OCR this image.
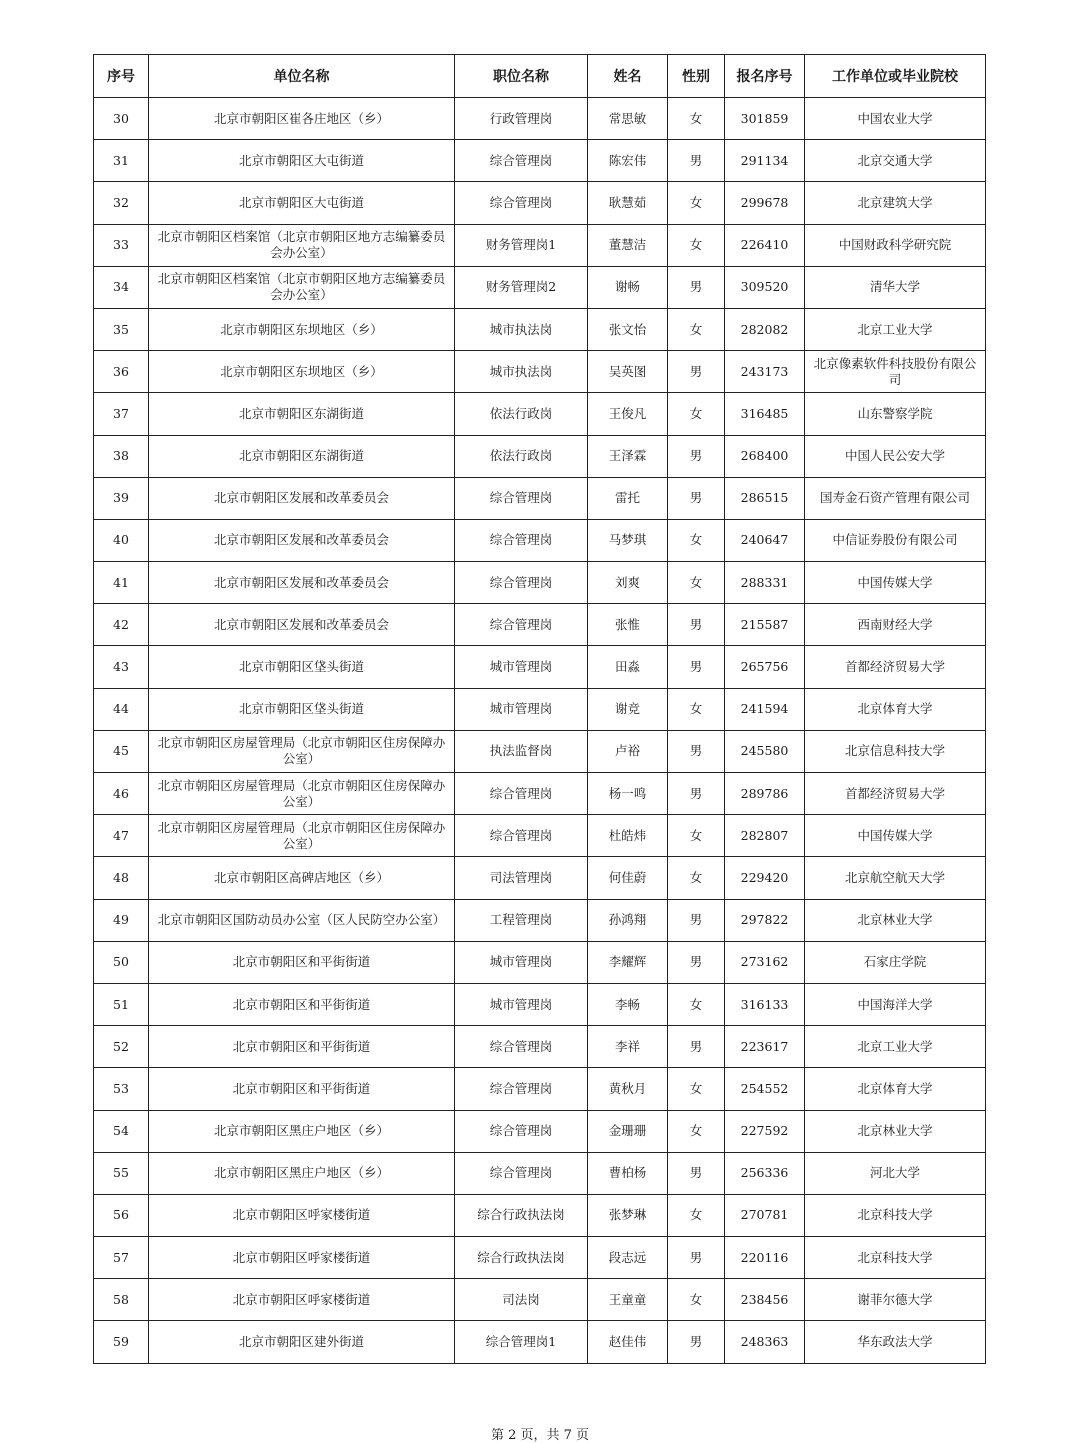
序号	单位名称	职位名称	姓名	性别	报名序号	工作单位或毕业院校
30	北京市朝阳区崔各庄地区（乡）	行政管理岗	常思敏	女	301859	中国农业大学
31	北京市朝阳区大屯街道	综合管理岗	陈宏伟	男	291134	北京交通大学
32	北京市朝阳区大屯街道	综合管理岗	耿慧茹	女	299678	北京建筑大学
33	北京市朝阳区档案馆（北京市朝阳区地方志编纂委员会办公室）	财务管理岗1	董慧洁	女	226410	中国财政科学研究院
34	北京市朝阳区档案馆（北京市朝阳区地方志编纂委员会办公室）	财务管理岗2	谢畅	男	309520	清华大学
35	北京市朝阳区东坝地区（乡）	城市执法岗	张文怡	女	282082	北京工业大学
36	北京市朝阳区东坝地区（乡）	城市执法岗	吴英图	男	243173	北京像素软件科技股份有限公司
37	北京市朝阳区东湖街道	依法行政岗	王俊凡	女	316485	山东警察学院
38	北京市朝阳区东湖街道	依法行政岗	王泽霖	男	268400	中国人民公安大学
39	北京市朝阳区发展和改革委员会	综合管理岗	雷托	男	286515	国寿金石资产管理有限公司
40	北京市朝阳区发展和改革委员会	综合管理岗	马梦琪	女	240647	中信证券股份有限公司
41	北京市朝阳区发展和改革委员会	综合管理岗	刘爽	女	288331	中国传媒大学
42	北京市朝阳区发展和改革委员会	综合管理岗	张惟	男	215587	西南财经大学
43	北京市朝阳区垡头街道	城市管理岗	田淼	男	265756	首都经济贸易大学
44	北京市朝阳区垡头街道	城市管理岗	谢竞	女	241594	北京体育大学
45	北京市朝阳区房屋管理局（北京市朝阳区住房保障办公室）	执法监督岗	卢裕	男	245580	北京信息科技大学
46	北京市朝阳区房屋管理局（北京市朝阳区住房保障办公室）	综合管理岗	杨一鸣	男	289786	首都经济贸易大学
47	北京市朝阳区房屋管理局（北京市朝阳区住房保障办公室）	综合管理岗	杜皓炜	女	282807	中国传媒大学
48	北京市朝阳区高碑店地区（乡）	司法管理岗	何佳蔚	女	229420	北京航空航天大学
49	北京市朝阳区国防动员办公室（区人民防空办公室）	工程管理岗	孙鸿翔	男	297822	北京林业大学
50	北京市朝阳区和平街街道	城市管理岗	李耀辉	男	273162	石家庄学院
51	北京市朝阳区和平街街道	城市管理岗	李畅	女	316133	中国海洋大学
52	北京市朝阳区和平街街道	综合管理岗	李祥	男	223617	北京工业大学
53	北京市朝阳区和平街街道	综合管理岗	黄秋月	女	254552	北京体育大学
54	北京市朝阳区黑庄户地区（乡）	综合管理岗	金珊珊	女	227592	北京林业大学
55	北京市朝阳区黑庄户地区（乡）	综合管理岗	曹柏杨	男	256336	河北大学
56	北京市朝阳区呼家楼街道	综合行政执法岗	张梦琳	女	270781	北京科技大学
57	北京市朝阳区呼家楼街道	综合行政执法岗	段志远	男	220116	北京科技大学
58	北京市朝阳区呼家楼街道	司法岗	王童童	女	238456	谢菲尔德大学
59	北京市朝阳区建外街道	综合管理岗1	赵佳伟	男	248363	华东政法大学
第 2 页，共 7 页
